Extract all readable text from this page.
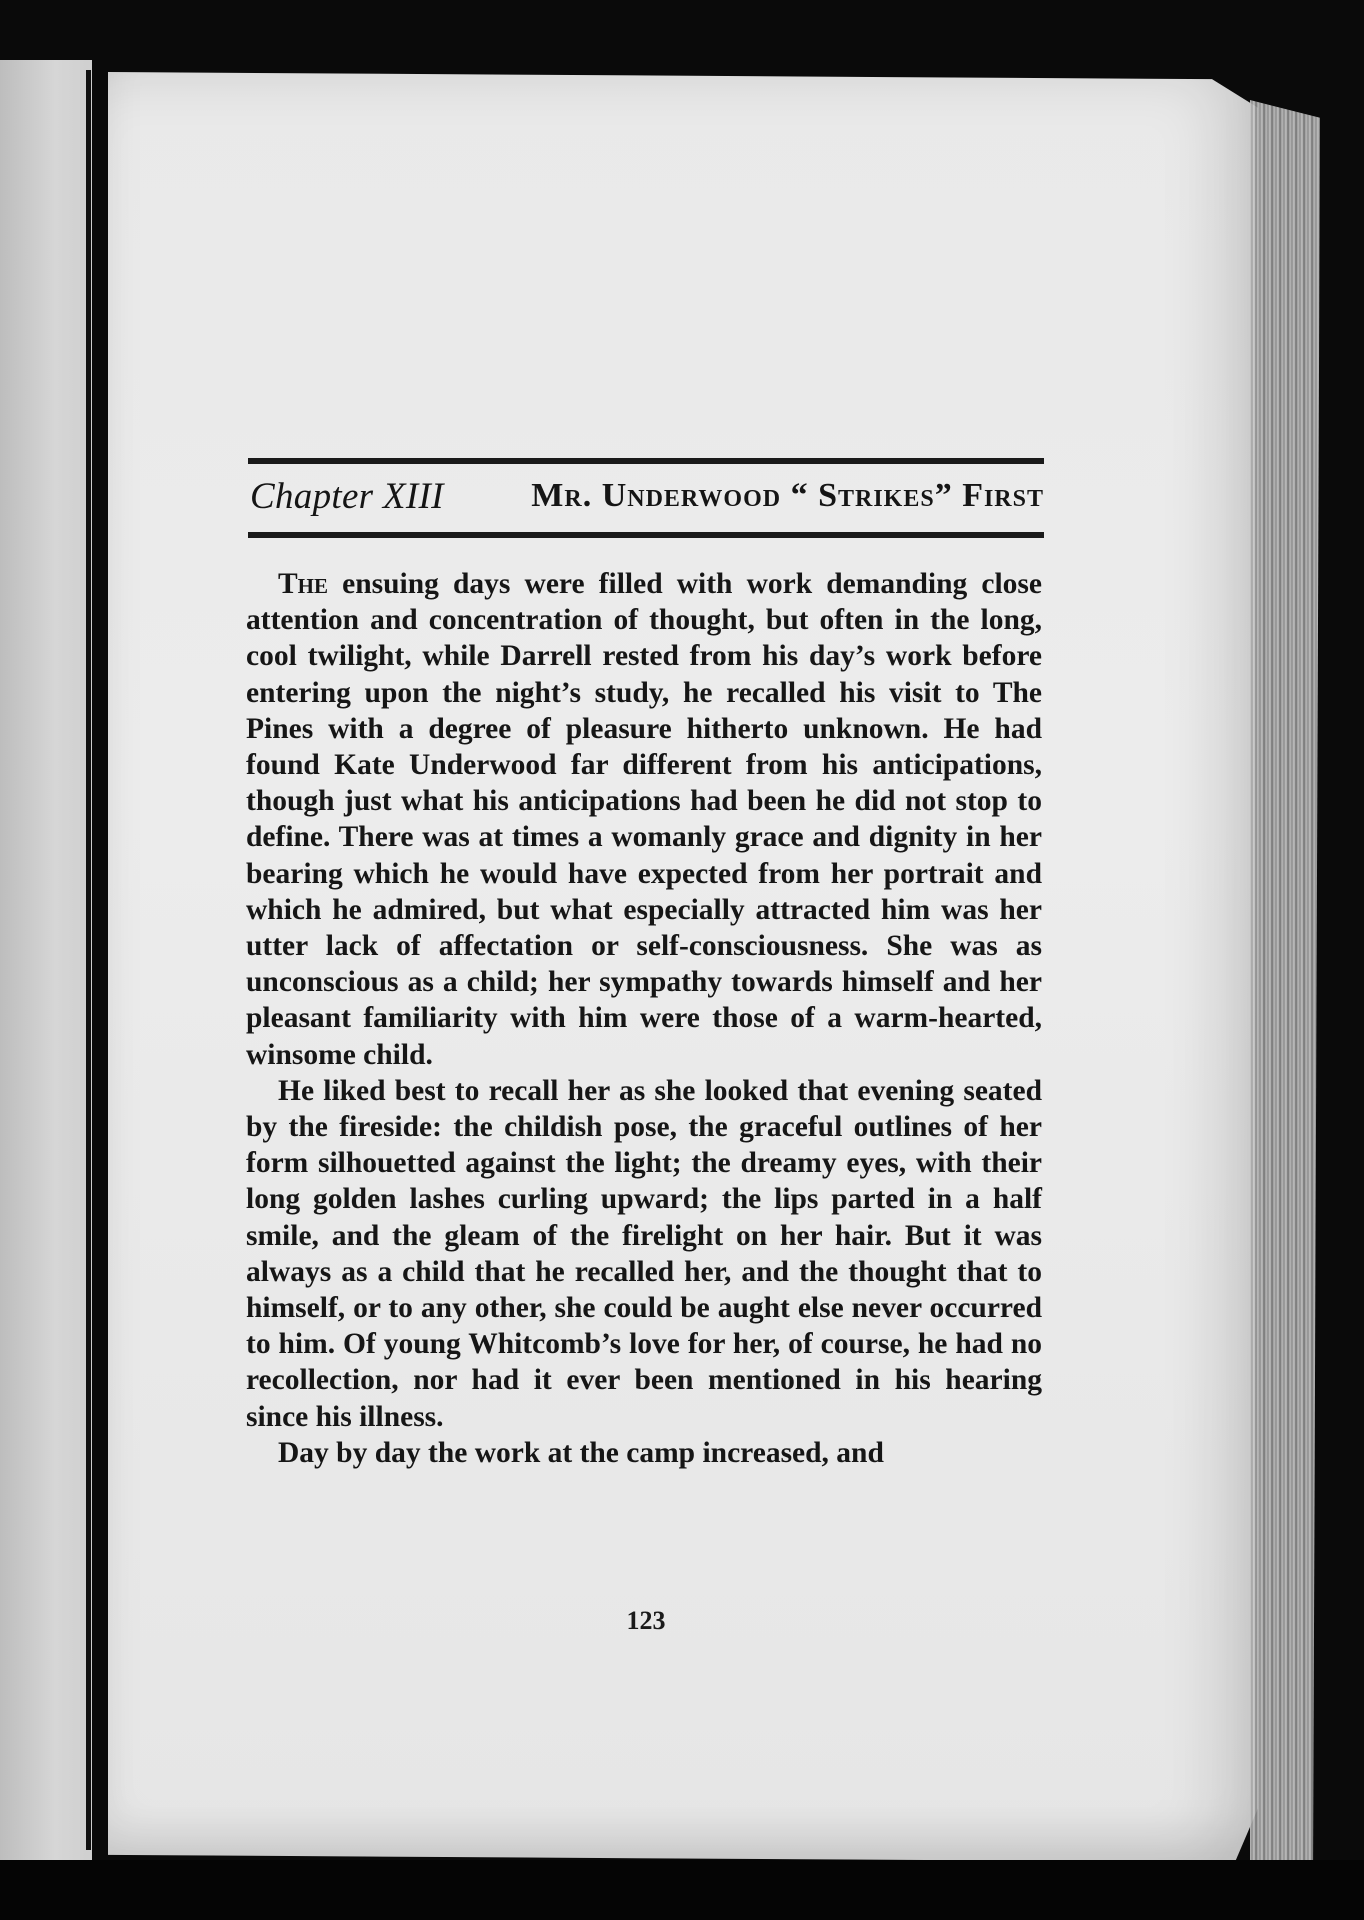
Chapter XIII	Mr. Underwood “ Strikes” First

The ensuing days were filled with work demanding close attention and concentration of thought, but often in the long, cool twilight, while Darrell rested from his day’s work before entering upon the night’s study, he recalled his visit to The Pines with a degree of pleasure hitherto unknown. He had found Kate Underwood far different from his anticipations, though just what his anticipations had been he did not stop to define. There was at times a womanly grace and dignity in her bearing which he would have expected from her portrait and which he admired, but what especially attracted him was her utter lack of affectation or self-consciousness. She was as unconscious as a child; her sympathy towards himself and her pleasant familiarity with him were those of a warm-hearted, winsome child.

He liked best to recall her as she looked that evening seated by the fireside: the childish pose, the graceful outlines of her form silhouetted against the light; the dreamy eyes, with their long golden lashes curling upward; the lips parted in a half smile, and the gleam of the firelight on her hair. But it was always as a child that he recalled her, and the thought that to himself, or to any other, she could be aught else never occurred to him. Of young Whitcomb’s love for her, of course, he had no recollection, nor had it ever been mentioned in his hearing since his illness.

Day by day the work at the camp increased, and

123
